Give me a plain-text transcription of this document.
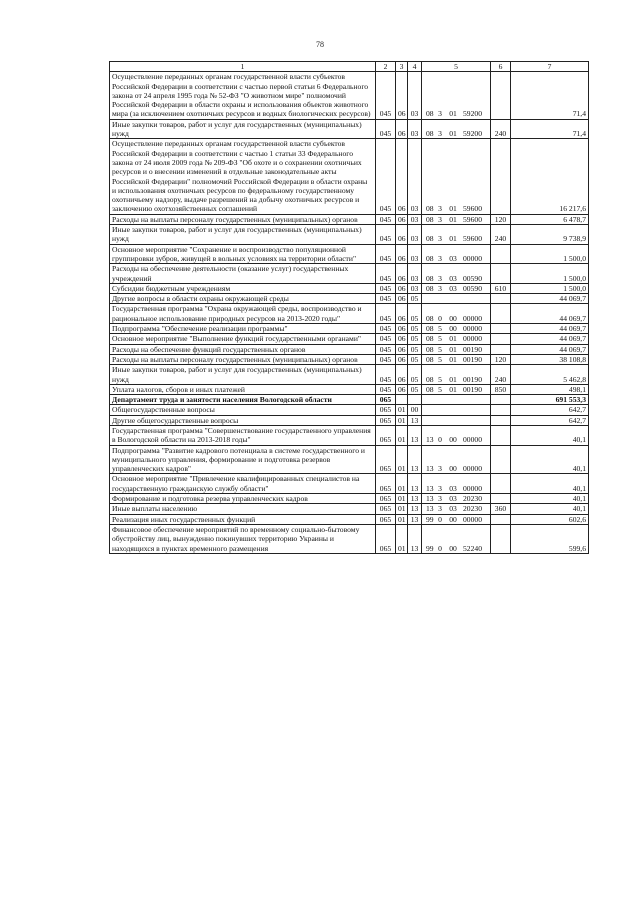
78
1	2	3	4	5	6	7
Осуществление переданных органам государственной власти субъектов Российской Федерации в соответствии с частью первой статьи 6 Федерального закона от 24 апреля 1995 года № 52-ФЗ "О животном мире" полномочий Российской Федерации в области охраны и использования объектов животного мира (за исключением охотничьих ресурсов и водных биологических ресурсов)	045	06	03	08 3 01 59200		71,4
Иные закупки товаров, работ и услуг для государственных (муниципальных) нужд	045	06	03	08 3 01 59200	240	71,4
Осуществление переданных органам государственной власти субъектов Российской Федерации в соответствии с частью 1 статьи 33 Федерального закона от 24 июля 2009 года № 209-ФЗ "Об охоте и о сохранении охотничьих ресурсов и о внесении изменений в отдельные законодательные акты Российской Федерации" полномочий Российской Федерации в области охраны и использования охотничьих ресурсов по федеральному государственному охотничьему надзору, выдаче разрешений на добычу охотничьих ресурсов и заключению охотхозяйственных соглашений	045	06	03	08 3 01 59600		16 217,6
Расходы на выплаты персоналу государственных (муниципальных) органов	045	06	03	08 3 01 59600	120	6 478,7
Иные закупки товаров, работ и услуг для государственных (муниципальных) нужд	045	06	03	08 3 01 59600	240	9 738,9
Основное мероприятие "Сохранение и воспроизводство популяционной группировки зубров, живущей в вольных условиях на территории области"	045	06	03	08 3 03 00000		1 500,0
Расходы на обеспечение деятельности (оказание услуг) государственных учреждений	045	06	03	08 3 03 00590		1 500,0
Субсидии бюджетным учреждениям	045	06	03	08 3 03 00590	610	1 500,0
Другие вопросы в области охраны окружающей среды	045	06	05			44 069,7
Государственная программа "Охрана окружающей среды, воспроизводство и рациональное использование природных ресурсов на 2013-2020 годы"	045	06	05	08 0 00 00000		44 069,7
Подпрограмма "Обеспечение реализации программы"	045	06	05	08 5 00 00000		44 069,7
Основное мероприятие "Выполнение функций государственными органами"	045	06	05	08 5 01 00000		44 069,7
Расходы на обеспечение функций государственных органов	045	06	05	08 5 01 00190		44 069,7
Расходы на выплаты персоналу государственных (муниципальных) органов	045	06	05	08 5 01 00190	120	38 108,8
Иные закупки товаров, работ и услуг для государственных (муниципальных) нужд	045	06	05	08 5 01 00190	240	5 462,8
Уплата налогов, сборов и иных платежей	045	06	05	08 5 01 00190	850	498,1
Департамент труда и занятости населения Вологодской области	065					691 553,3
Общегосударственные вопросы	065	01	00			642,7
Другие общегосударственные вопросы	065	01	13			642,7
Государственная программа "Совершенствование государственного управления в Вологодской области на 2013-2018 годы"	065	01	13	13 0 00 00000		40,1
Подпрограмма "Развитие кадрового потенциала в системе государственного и муниципального управления, формирование и подготовка резервов управленческих кадров"	065	01	13	13 3 00 00000		40,1
Основное мероприятие "Привлечение квалифицированных специалистов на государственную гражданскую службу области"	065	01	13	13 3 03 00000		40,1
Формирование и подготовка резерва управленческих кадров	065	01	13	13 3 03 20230		40,1
Иные выплаты населению	065	01	13	13 3 03 20230	360	40,1
Реализация иных государственных функций	065	01	13	99 0 00 00000		602,6
Финансовое обеспечение мероприятий по временному социально-бытовому обустройству лиц, вынужденно покинувших территорию Украины и находящихся в пунктах временного размещения	065	01	13	99 0 00 52240		599,6
